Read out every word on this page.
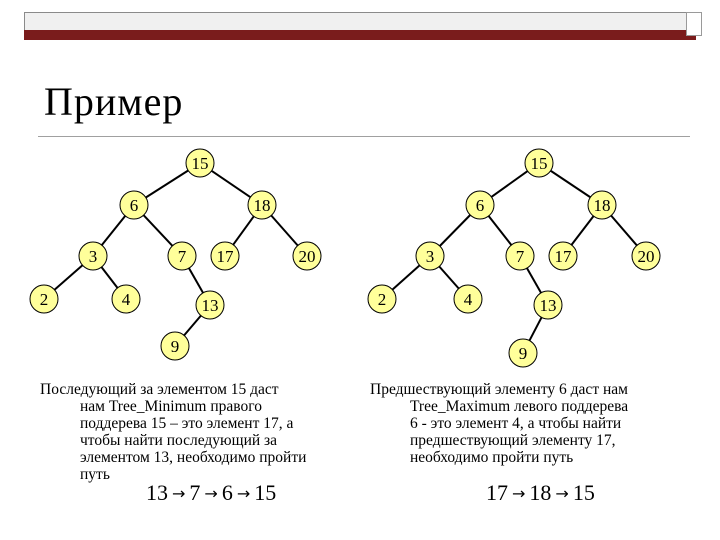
Пример
15
6	18
3	7 17	20
2	4	13
9
15
6	18
3	7 17	20
2	4	13
9
Последующий за элементом 15 даст
нам Tree_Minimum правого
поддерева 15 – это элемент 17, а
чтобы найти последующий за
элементом 13, необходимо пройти
путь
13 → 7 → 6 → 15
Предшествующий элементу 6 даст нам
Tree_Maximum левого поддерева
6 - это элемент 4, а чтобы найти
предшествующий элементу 17,
необходимо пройти путь
17 → 18 → 15
